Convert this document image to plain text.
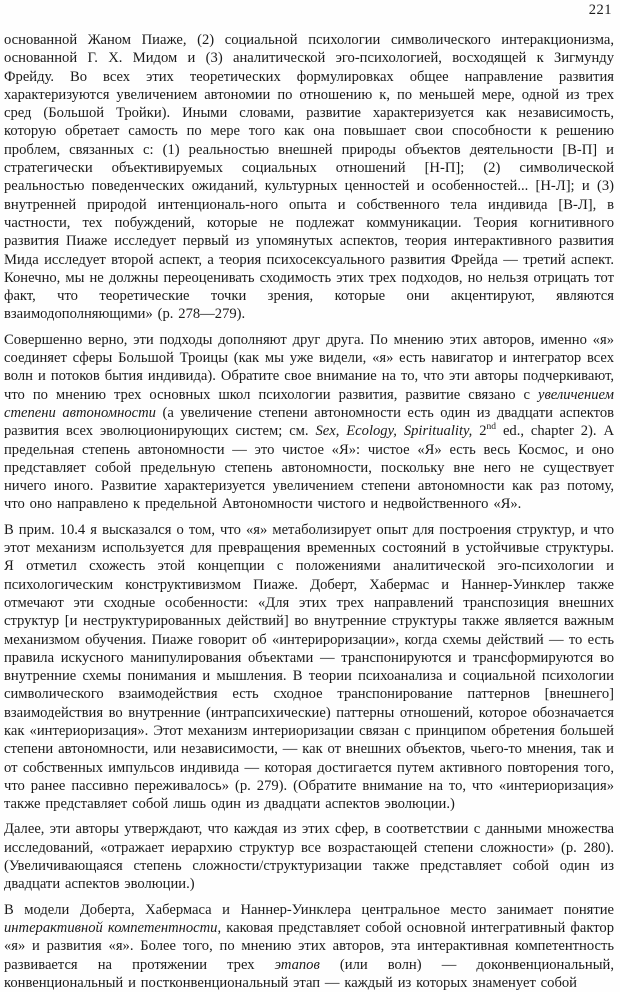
221

основанной Жаном Пиаже, (2) социальной психологии символического интеракционизма, основанной Г. Х. Мидом и (3) аналитической эго-психологией, восходящей к Зигмунду Фрейду. Во всех этих теоретических формулировках общее направление развития характеризуются увеличением автономии по отношению к, по меньшей мере, одной из трех сред (Большой Тройки). Иными словами, развитие характеризуется как независимость, которую обретает самость по мере того как она повышает свои способности к решению проблем, связанных с: (1) реальностью внешней природы объектов деятельности [В-П] и стратегически объективируемых социальных отношений [Н-П]; (2) символической реальностью поведенческих ожиданий, культурных ценностей и особенностей... [Н-Л]; и (3) внутренней природой интенциональ-ного опыта и собственного тела индивида [В-Л], в частности, тех побуждений, которые не подлежат коммуникации. Теория когнитивного развития Пиаже исследует первый из упомянутых аспектов, теория интерактивного развития Мида исследует второй аспект, а теория психосексуального развития Фрейда — третий аспект. Конечно, мы не должны переоценивать сходимость этих трех подходов, но нельзя отрицать тот факт, что теоретические точки зрения, которые они акцентируют, являются взаимодополняющими» (р. 278—279).

Совершенно верно, эти подходы дополняют друг друга. По мнению этих авторов, именно «я» соединяет сферы Большой Троицы (как мы уже видели, «я» есть навигатор и интегратор всех волн и потоков бытия индивида). Обратите свое внимание на то, что эти авторы подчеркивают, что по мнению трех основных школ психологии развития, развитие связано с увеличением степени автономности (а увеличение степени автономности есть один из двадцати аспектов развития всех эволюционирующих систем; см. Sex, Ecology, Spirituality, 2nd ed., chapter 2). А предельная степень автономности — это чистое «Я»: чистое «Я» есть весь Космос, и оно представляет собой предельную степень автономности, поскольку вне него не существует ничего иного. Развитие характеризуется увеличением степени автономности как раз потому, что оно направлено к предельной Автономности чистого и недвойственного «Я».

В прим. 10.4 я высказался о том, что «я» метаболизирует опыт для построения структур, и что этот механизм используется для превращения временных состояний в устойчивые структуры. Я отметил схожесть этой концепции с положениями аналитической эго-психологии и психологическим конструктивизмом Пиаже. Доберт, Хабермас и Наннер-Уинклер также отмечают эти сходные особенности: «Для этих трех направлений транспозиция внешних структур [и неструктурированных действий] во внутренние структуры также является важным механизмом обучения. Пиаже говорит об «интерироризации», когда схемы действий — то есть правила искусного манипулирования объектами — транспонируются и трансформируются во внутренние схемы понимания и мышления. В теории психоанализа и социальной психологии символического взаимодействия есть сходное транспонирование паттернов [внешнего] взаимодействия во внутренние (интрапсихические) паттерны отношений, которое обозначается как «интериоризация». Этот механизм интериоризации связан с принципом обретения большей степени автономности, или независимости, — как от внешних объектов, чьего-то мнения, так и от собственных импульсов индивида — которая достигается путем активного повторения того, что ранее пассивно переживалось» (р. 279). (Обратите внимание на то, что «интериоризация» также представляет собой лишь один из двадцати аспектов эволюции.)

Далее, эти авторы утверждают, что каждая из этих сфер, в соответствии с данными множества исследований, «отражает иерархию структур все возрастающей степени сложности» (р. 280). (Увеличивающаяся степень сложности/структуризации также представляет собой один из двадцати аспектов эволюции.)

В модели Доберта, Хабермаса и Наннер-Уинклера центральное место занимает понятие интерактивной компетентности, каковая представляет собой основной интегративный фактор «я» и развития «я». Более того, по мнению этих авторов, эта интерактивная компетентность развивается на протяжении трех этапов (или волн) — доконвенциональный, конвенциональный и постконвенциональный этап — каждый из которых знаменует собой
